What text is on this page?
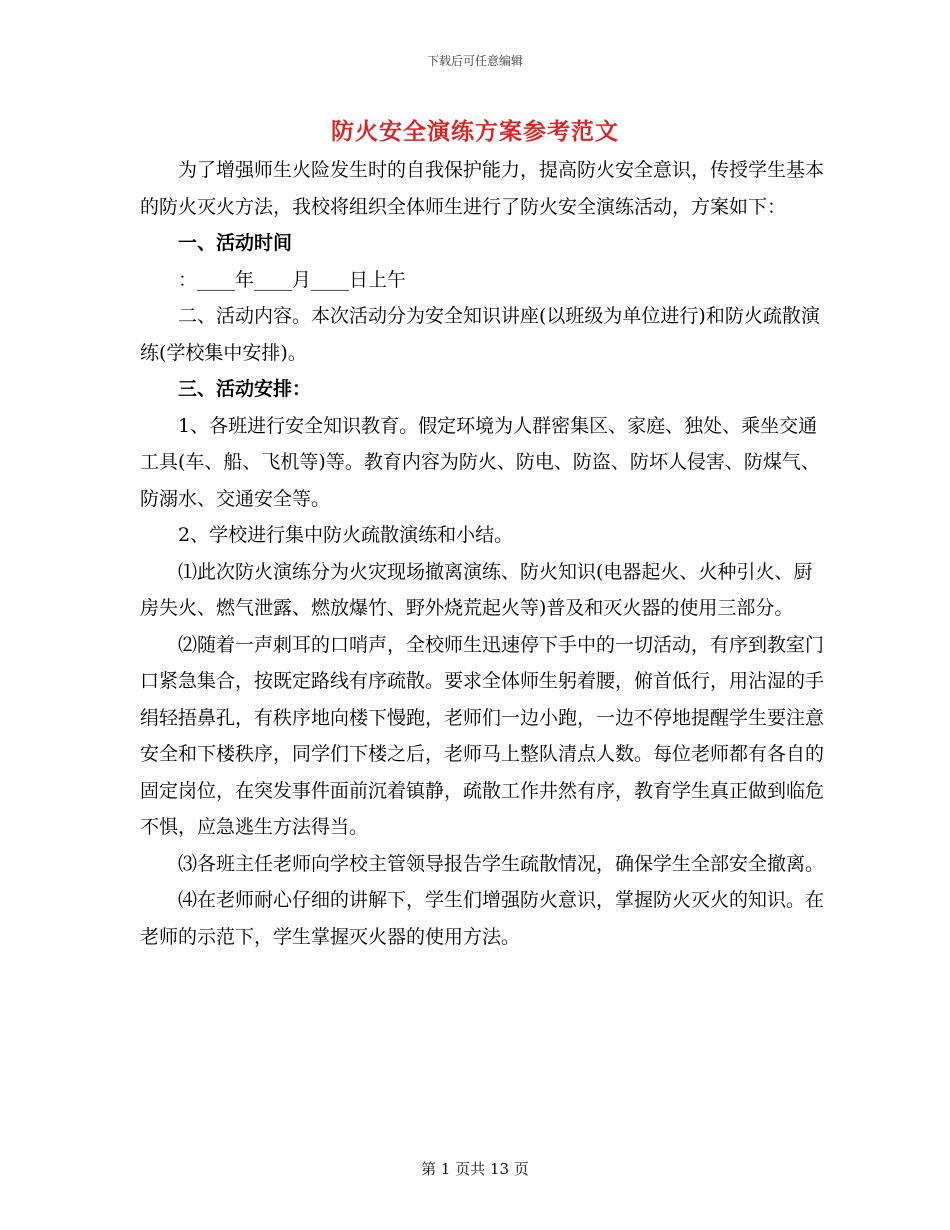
下载后可任意编辑
防火安全演练方案参考范文

为了增强师生火险发生时的自我保护能力，提高防火安全意识，传授学生基本的防火灭火方法，我校将组织全体师生进行了防火安全演练活动，方案如下：

一、活动时间

：____年____月____日上午

二、活动内容。本次活动分为安全知识讲座(以班级为单位进行)和防火疏散演练(学校集中安排)。

三、活动安排：

1、各班进行安全知识教育。假定环境为人群密集区、家庭、独处、乘坐交通工具(车、船、飞机等)等。教育内容为防火、防电、防盗、防坏人侵害、防煤气、防溺水、交通安全等。

2、学校进行集中防火疏散演练和小结。

⑴此次防火演练分为火灾现场撤离演练、防火知识(电器起火、火种引火、厨房失火、燃气泄露、燃放爆竹、野外烧荒起火等)普及和灭火器的使用三部分。

⑵随着一声刺耳的口哨声，全校师生迅速停下手中的一切活动，有序到教室门口紧急集合，按既定路线有序疏散。要求全体师生躬着腰，俯首低行，用沾湿的手绢轻捂鼻孔，有秩序地向楼下慢跑，老师们一边小跑，一边不停地提醒学生要注意安全和下楼秩序，同学们下楼之后，老师马上整队清点人数。每位老师都有各自的固定岗位，在突发事件面前沉着镇静，疏散工作井然有序，教育学生真正做到临危不惧，应急逃生方法得当。

⑶各班主任老师向学校主管领导报告学生疏散情况，确保学生全部安全撤离。

⑷在老师耐心仔细的讲解下，学生们增强防火意识，掌握防火灭火的知识。在老师的示范下，学生掌握灭火器的使用方法。

第 1 页共 13 页
